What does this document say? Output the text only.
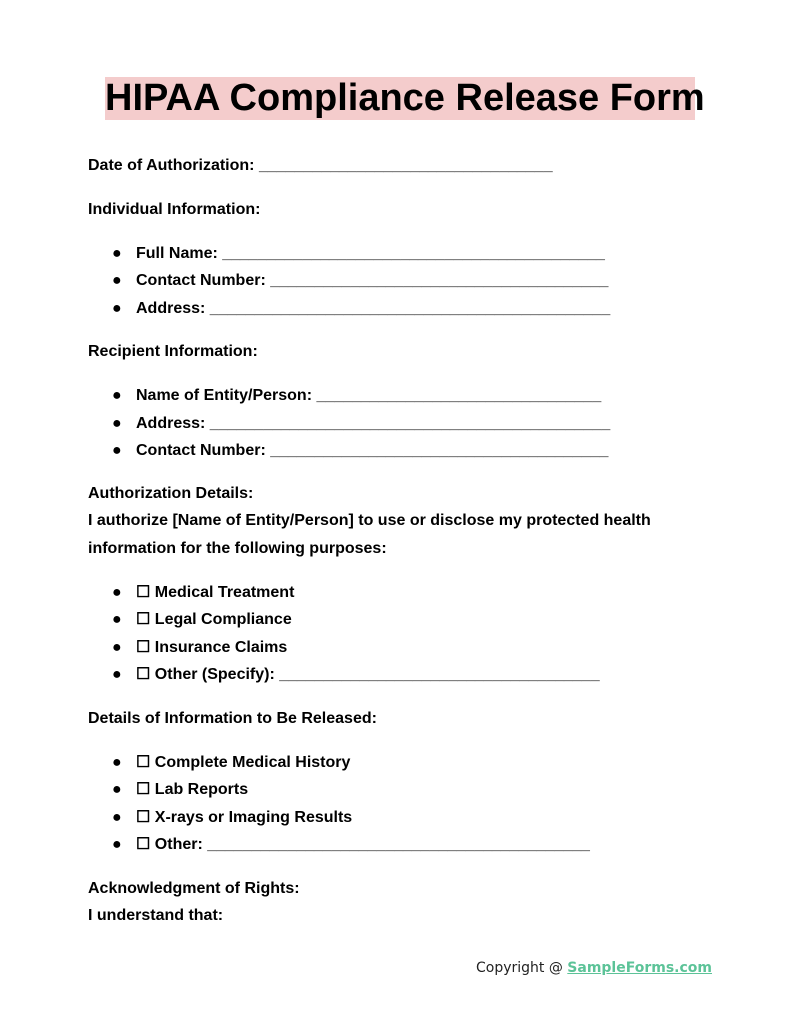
HIPAA Compliance Release Form
Date of Authorization: _________________________________
Individual Information:
● Full Name: ___________________________________________
● Contact Number: ______________________________________
● Address: _____________________________________________
Recipient Information:
● Name of Entity/Person: ________________________________
● Address: _____________________________________________
● Contact Number: ______________________________________
Authorization Details:
I authorize [Name of Entity/Person] to use or disclose my protected health
information for the following purposes:
● ☐ Medical Treatment
● ☐ Legal Compliance
● ☐ Insurance Claims
● ☐ Other (Specify): ____________________________________
Details of Information to Be Released:
● ☐ Complete Medical History
● ☐ Lab Reports
● ☐ X-rays or Imaging Results
● ☐ Other: ___________________________________________
Acknowledgment of Rights:
I understand that:
Copyright @ SampleForms.com
